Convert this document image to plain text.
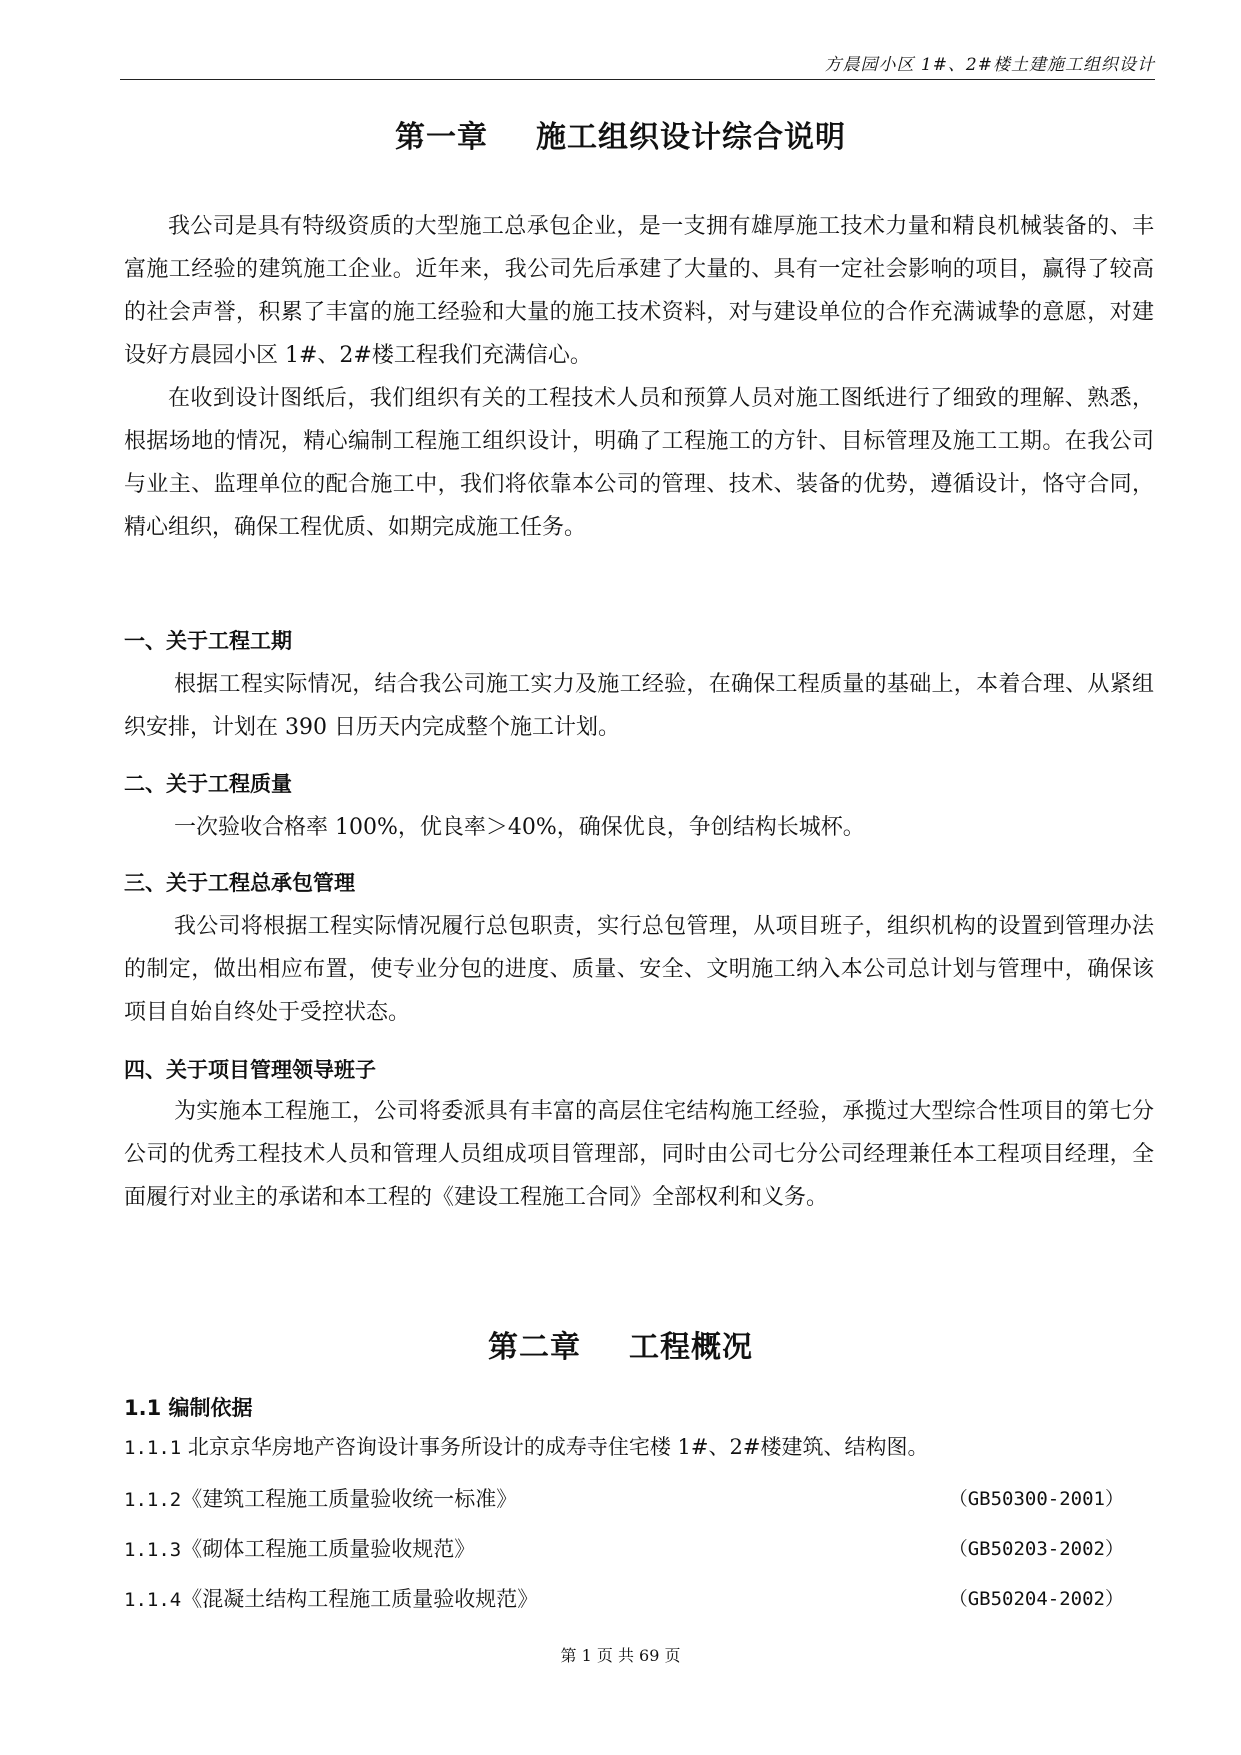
方晨园小区 1#、2#楼土建施工组织设计
第一章 施工组织设计综合说明

我公司是具有特级资质的大型施工总承包企业，是一支拥有雄厚施工技术力量和精良机械装备的、丰富施工经验的建筑施工企业。近年来，我公司先后承建了大量的、具有一定社会影响的项目，赢得了较高的社会声誉，积累了丰富的施工经验和大量的施工技术资料，对与建设单位的合作充满诚挚的意愿，对建设好方晨园小区 1#、2#楼工程我们充满信心。

在收到设计图纸后，我们组织有关的工程技术人员和预算人员对施工图纸进行了细致的理解、熟悉，根据场地的情况，精心编制工程施工组织设计，明确了工程施工的方针、目标管理及施工工期。在我公司与业主、监理单位的配合施工中，我们将依靠本公司的管理、技术、装备的优势，遵循设计，恪守合同，精心组织，确保工程优质、如期完成施工任务。

一、关于工程工期

根据工程实际情况，结合我公司施工实力及施工经验，在确保工程质量的基础上，本着合理、从紧组织安排，计划在 390 日历天内完成整个施工计划。

二、关于工程质量

一次验收合格率 100%，优良率＞40%，确保优良，争创结构长城杯。

三、关于工程总承包管理

我公司将根据工程实际情况履行总包职责，实行总包管理，从项目班子，组织机构的设置到管理办法的制定，做出相应布置，使专业分包的进度、质量、安全、文明施工纳入本公司总计划与管理中，确保该项目自始自终处于受控状态。

四、关于项目管理领导班子

为实施本工程施工，公司将委派具有丰富的高层住宅结构施工经验，承揽过大型综合性项目的第七分公司的优秀工程技术人员和管理人员组成项目管理部，同时由公司七分公司经理兼任本工程项目经理，全面履行对业主的承诺和本工程的《建设工程施工合同》全部权利和义务。

第二章 工程概况
1.1 编制依据
1.1.1 北京京华房地产咨询设计事务所设计的成寿寺住宅楼 1#、2#楼建筑、结构图。
1.1.2《建筑工程施工质量验收统一标准》	（GB50300-2001）
1.1.3《砌体工程施工质量验收规范》	（GB50203-2002）
1.1.4《混凝土结构工程施工质量验收规范》	（GB50204-2002）
第 1 页 共 69 页
